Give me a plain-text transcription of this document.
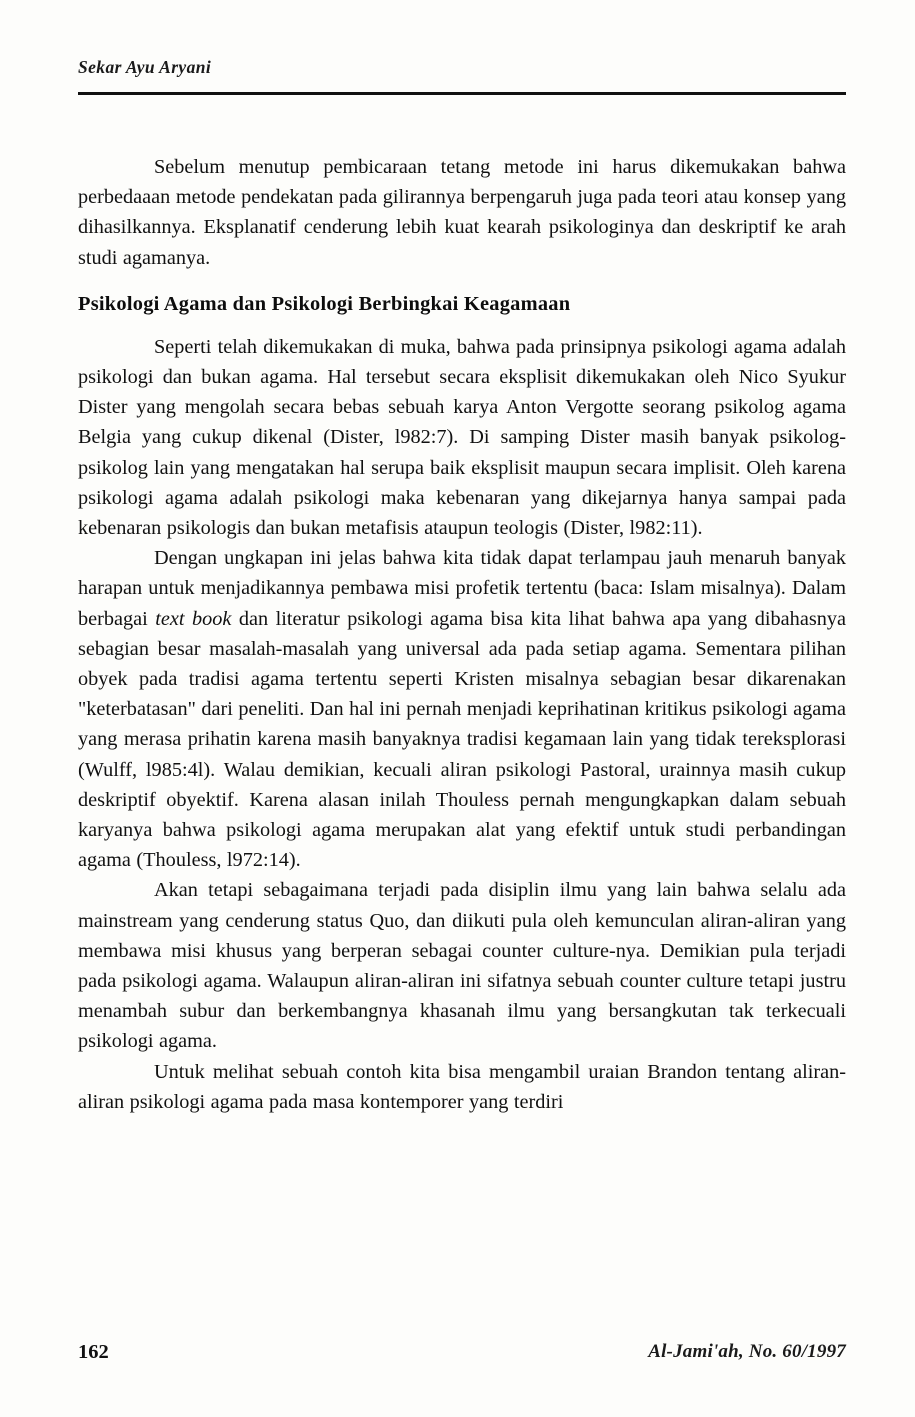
Sekar Ayu Aryani

Sebelum menutup pembicaraan tetang metode ini harus dikemukakan bahwa perbedaaan metode pendekatan pada gilirannya berpengaruh juga pada teori atau konsep yang dihasilkannya. Eksplanatif cenderung lebih kuat kearah psikologinya dan deskriptif ke arah studi agamanya.

Psikologi Agama dan Psikologi Berbingkai Keagamaan

Seperti telah dikemukakan di muka, bahwa pada prinsipnya psikologi agama adalah psikologi dan bukan agama. Hal tersebut secara eksplisit dikemukakan oleh Nico Syukur Dister yang mengolah secara bebas sebuah karya Anton Vergotte seorang psikolog agama Belgia yang cukup dikenal (Dister, l982:7). Di samping Dister masih banyak psikolog-psikolog lain yang mengatakan hal serupa baik eksplisit maupun secara implisit. Oleh karena psikologi agama adalah psikologi maka kebenaran yang dikejarnya hanya sampai pada kebenaran psikologis dan bukan metafisis ataupun teologis (Dister, l982:11).

Dengan ungkapan ini jelas bahwa kita tidak dapat terlampau jauh menaruh banyak harapan untuk menjadikannya pembawa misi profetik tertentu (baca: Islam misalnya). Dalam berbagai text book dan literatur psikologi agama bisa kita lihat bahwa apa yang dibahasnya sebagian besar masalah-masalah yang universal ada pada setiap agama. Sementara pilihan obyek pada tradisi agama tertentu seperti Kristen misalnya sebagian besar dikarenakan "keterbatasan" dari peneliti. Dan hal ini pernah menjadi keprihatinan kritikus psikologi agama yang merasa prihatin karena masih banyaknya tradisi kegamaan lain yang tidak tereksplorasi (Wulff, l985:4l). Walau demikian, kecuali aliran psikologi Pastoral, urainnya masih cukup deskriptif obyektif. Karena alasan inilah Thouless pernah mengungkapkan dalam sebuah karyanya bahwa psikologi agama merupakan alat yang efektif untuk studi perbandingan agama (Thouless, l972:14).

Akan tetapi sebagaimana terjadi pada disiplin ilmu yang lain bahwa selalu ada mainstream yang cenderung status Quo, dan diikuti pula oleh kemunculan aliran-aliran yang membawa misi khusus yang berperan sebagai counter culture-nya. Demikian pula terjadi pada psikologi agama. Walaupun aliran-aliran ini sifatnya sebuah counter culture tetapi justru menambah subur dan berkembangnya khasanah ilmu yang bersangkutan tak terkecuali psikologi agama.

Untuk melihat sebuah contoh kita bisa mengambil uraian Brandon tentang aliran-aliran psikologi agama pada masa kontemporer yang terdiri

162	Al-Jami'ah, No. 60/1997
